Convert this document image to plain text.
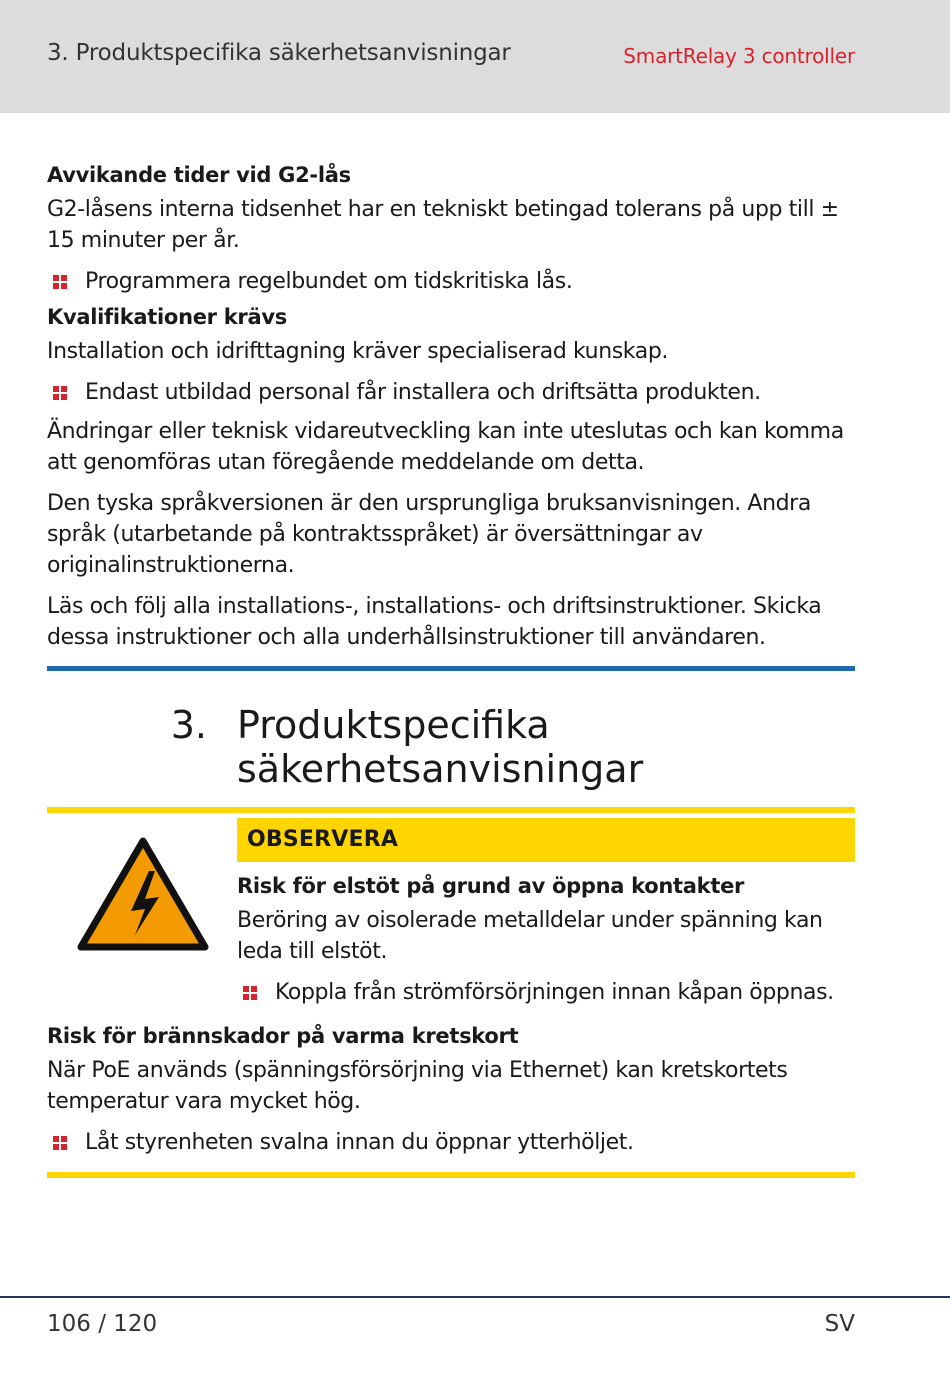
3. Produktspecifika säkerhetsanvisningar	SmartRelay 3 controller
Avvikande tider vid G2-lås

G2-låsens interna tidsenhet har en tekniskt betingad tolerans på upp till ± 15 minuter per år.

Programmera regelbundet om tidskritiska lås.
Kvalifikationer krävs

Installation och idrifttagning kräver specialiserad kunskap.

Endast utbildad personal får installera och driftsätta produkten.

Ändringar eller teknisk vidareutveckling kan inte uteslutas och kan komma att genomföras utan föregående meddelande om detta.

Den tyska språkversionen är den ursprungliga bruksanvisningen. Andra språk (utarbetande på kontraktsspråket) är översättningar av originalinstruktionerna.

Läs och följ alla installations-, installations- och driftsinstruktioner. Skicka dessa instruktioner och alla underhållsinstruktioner till användaren.

3. Produktspecifika säkerhetsanvisningar
OBSERVERA
Risk för elstöt på grund av öppna kontakter

Beröring av oisolerade metalldelar under spänning kan leda till elstöt.

Koppla från strömförsörjningen innan kåpan öppnas.
Risk för brännskador på varma kretskort

När PoE används (spänningsförsörjning via Ethernet) kan kretskortets temperatur vara mycket hög.

Låt styrenheten svalna innan du öppnar ytterhöljet.
106 / 120	SV
